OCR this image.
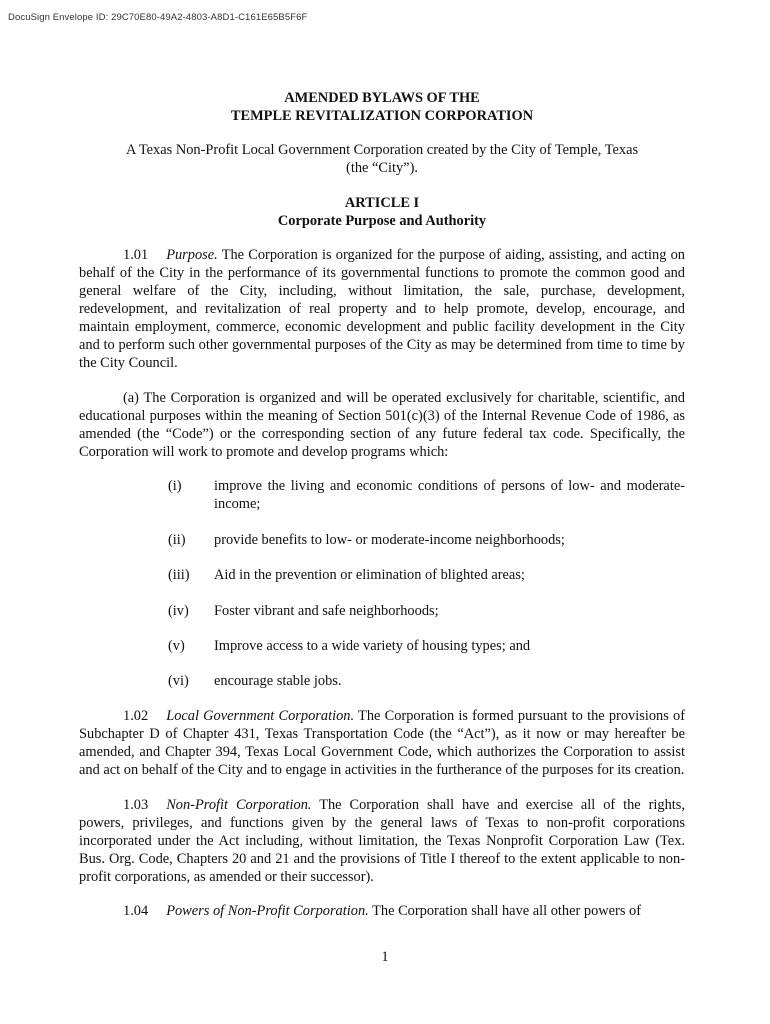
DocuSign Envelope ID: 29C70E80-49A2-4803-A8D1-C161E65B5F6F
AMENDED BYLAWS OF THE
TEMPLE REVITALIZATION CORPORATION
A Texas Non-Profit Local Government Corporation created by the City of Temple, Texas (the “City”).
ARTICLE I
Corporate Purpose and Authority

1.01 Purpose. The Corporation is organized for the purpose of aiding, assisting, and acting on behalf of the City in the performance of its governmental functions to promote the common good and general welfare of the City, including, without limitation, the sale, purchase, development, redevelopment, and revitalization of real property and to help promote, develop, encourage, and maintain employment, commerce, economic development and public facility development in the City and to perform such other governmental purposes of the City as may be determined from time to time by the City Council.

(a) The Corporation is organized and will be operated exclusively for charitable, scientific, and educational purposes within the meaning of Section 501(c)(3) of the Internal Revenue Code of 1986, as amended (the “Code”) or the corresponding section of any future federal tax code. Specifically, the Corporation will work to promote and develop programs which:

(i) improve the living and economic conditions of persons of low- and moderate-income;
(ii) provide benefits to low- or moderate-income neighborhoods;
(iii) Aid in the prevention or elimination of blighted areas;
(iv) Foster vibrant and safe neighborhoods;
(v) Improve access to a wide variety of housing types; and
(vi) encourage stable jobs.

1.02 Local Government Corporation. The Corporation is formed pursuant to the provisions of Subchapter D of Chapter 431, Texas Transportation Code (the “Act”), as it now or may hereafter be amended, and Chapter 394, Texas Local Government Code, which authorizes the Corporation to assist and act on behalf of the City and to engage in activities in the furtherance of the purposes for its creation.

1.03 Non-Profit Corporation. The Corporation shall have and exercise all of the rights, powers, privileges, and functions given by the general laws of Texas to non-profit corporations incorporated under the Act including, without limitation, the Texas Nonprofit Corporation Law (Tex. Bus. Org. Code, Chapters 20 and 21 and the provisions of Title I thereof to the extent applicable to non-profit corporations, as amended or their successor).

1.04 Powers of Non-Profit Corporation. The Corporation shall have all other powers of

1
